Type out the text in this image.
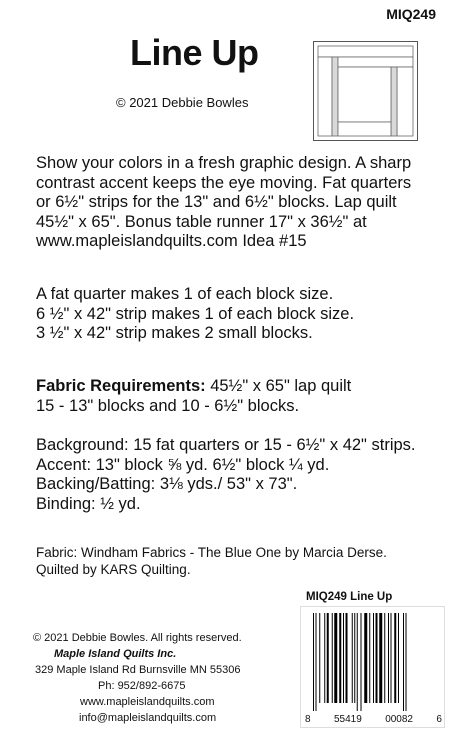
MIQ249
Line Up
© 2021 Debbie Bowles
Show your colors in a fresh graphic design. A sharp
contrast accent keeps the eye moving. Fat quarters
or 6½" strips for the 13" and 6½" blocks. Lap quilt
45½" x 65". Bonus table runner 17" x 36½" at
www.mapleislandquilts.com Idea #15
A fat quarter makes 1 of each block size.
6 ½" x 42" strip makes 1 of each block size.
3 ½" x 42" strip makes 2 small blocks.
Fabric Requirements: 45½" x 65" lap quilt
15 - 13" blocks and 10 - 6½" blocks.
Background: 15 fat quarters or 15 - 6½" x 42" strips.
Accent: 13" block ⅝ yd. 6½" block ¼ yd.
Backing/Batting: 3⅛ yds./ 53" x 73".
Binding: ½ yd.
Fabric: Windham Fabrics - The Blue One by Marcia Derse.
Quilted by KARS Quilting.
MIQ249 Line Up
© 2021 Debbie Bowles. All rights reserved.
Maple Island Quilts Inc.
329 Maple Island Rd Burnsville MN 55306
Ph: 952/892-6675
www.mapleislandquilts.com
info@mapleislandquilts.com	8 55419 00082 6
